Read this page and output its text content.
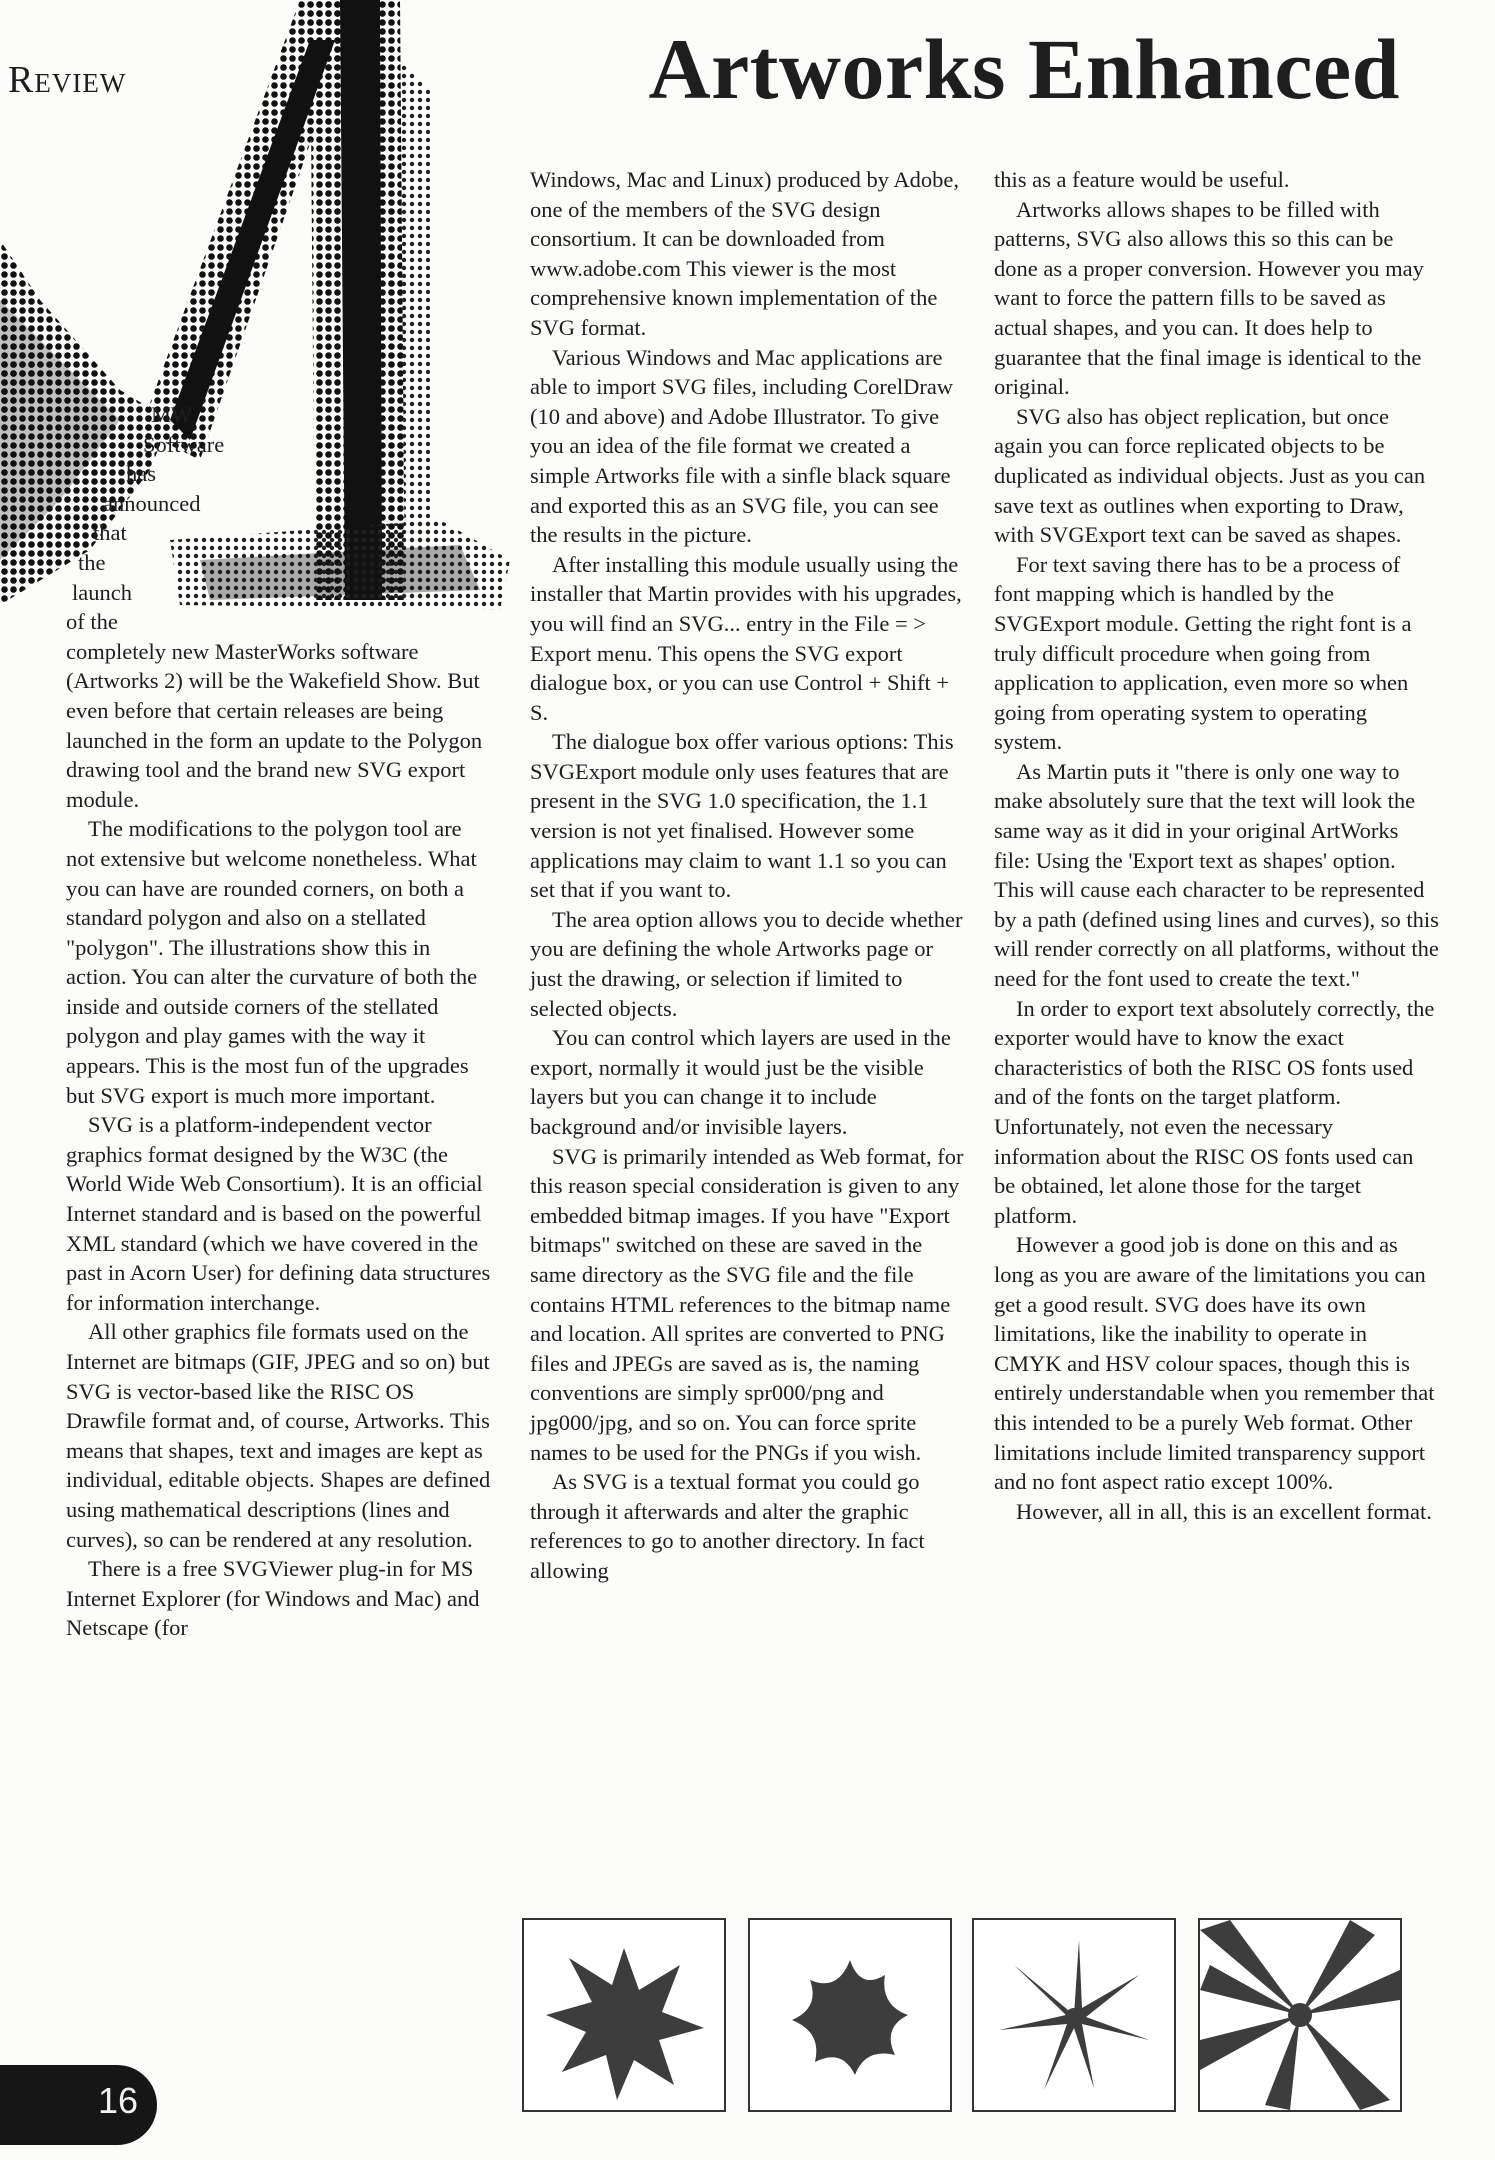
Review	Artworks Enhanced

MW
Software
has
announced
that
the
launch
of the
completely new MasterWorks software (Artworks 2) will be the Wakefield Show. But even before that certain releases are being launched in the form an update to the Polygon drawing tool and the brand new SVG export module.

The modifications to the polygon tool are not extensive but welcome nonetheless. What you can have are rounded corners, on both a standard polygon and also on a stellated "polygon". The illustrations show this in action. You can alter the curvature of both the inside and outside corners of the stellated polygon and play games with the way it appears. This is the most fun of the upgrades but SVG export is much more important.

SVG is a platform-independent vector graphics format designed by the W3C (the World Wide Web Consortium). It is an official Internet standard and is based on the powerful XML standard (which we have covered in the past in Acorn User) for defining data structures for information interchange.

All other graphics file formats used on the Internet are bitmaps (GIF, JPEG and so on) but SVG is vector-based like the RISC OS Drawfile format and, of course, Artworks. This means that shapes, text and images are kept as individual, editable objects. Shapes are defined using mathematical descriptions (lines and curves), so can be rendered at any resolution.

There is a free SVGViewer plug-in for MS Internet Explorer (for Windows and Mac) and Netscape (for

Windows, Mac and Linux) produced by Adobe, one of the members of the SVG design consortium. It can be downloaded from www.adobe.com This viewer is the most comprehensive known implementation of the SVG format.

Various Windows and Mac applications are able to import SVG files, including CorelDraw (10 and above) and Adobe Illustrator. To give you an idea of the file format we created a simple Artworks file with a sinfle black square and exported this as an SVG file, you can see the results in the picture.

After installing this module usually using the installer that Martin provides with his upgrades, you will find an SVG... entry in the File = > Export menu. This opens the SVG export dialogue box, or you can use Control + Shift + S.

The dialogue box offer various options: This SVGExport module only uses features that are present in the SVG 1.0 specification, the 1.1 version is not yet finalised. However some applications may claim to want 1.1 so you can set that if you want to.

The area option allows you to decide whether you are defining the whole Artworks page or just the drawing, or selection if limited to selected objects.

You can control which layers are used in the export, normally it would just be the visible layers but you can change it to include background and/or invisible layers.

SVG is primarily intended as Web format, for this reason special consideration is given to any embedded bitmap images. If you have "Export bitmaps" switched on these are saved in the same directory as the SVG file and the file contains HTML references to the bitmap name and location. All sprites are converted to PNG files and JPEGs are saved as is, the naming conventions are simply spr000/png and jpg000/jpg, and so on. You can force sprite names to be used for the PNGs if you wish.

As SVG is a textual format you could go through it afterwards and alter the graphic references to go to another directory. In fact allowing

this as a feature would be useful.

Artworks allows shapes to be filled with patterns, SVG also allows this so this can be done as a proper conversion. However you may want to force the pattern fills to be saved as actual shapes, and you can. It does help to guarantee that the final image is identical to the original.

SVG also has object replication, but once again you can force replicated objects to be duplicated as individual objects. Just as you can save text as outlines when exporting to Draw, with SVGExport text can be saved as shapes.

For text saving there has to be a process of font mapping which is handled by the SVGExport module. Getting the right font is a truly difficult procedure when going from application to application, even more so when going from operating system to operating system.

As Martin puts it "there is only one way to make absolutely sure that the text will look the same way as it did in your original ArtWorks file: Using the 'Export text as shapes' option. This will cause each character to be represented by a path (defined using lines and curves), so this will render correctly on all platforms, without the need for the font used to create the text."

In order to export text absolutely correctly, the exporter would have to know the exact characteristics of both the RISC OS fonts used and of the fonts on the target platform. Unfortunately, not even the necessary information about the RISC OS fonts used can be obtained, let alone those for the target platform.

However a good job is done on this and as long as you are aware of the limitations you can get a good result. SVG does have its own limitations, like the inability to operate in CMYK and HSV colour spaces, though this is entirely understandable when you remember that this intended to be a purely Web format. Other limitations include limited transparency support and no font aspect ratio except 100%.

However, all in all, this is an excellent format.

16
